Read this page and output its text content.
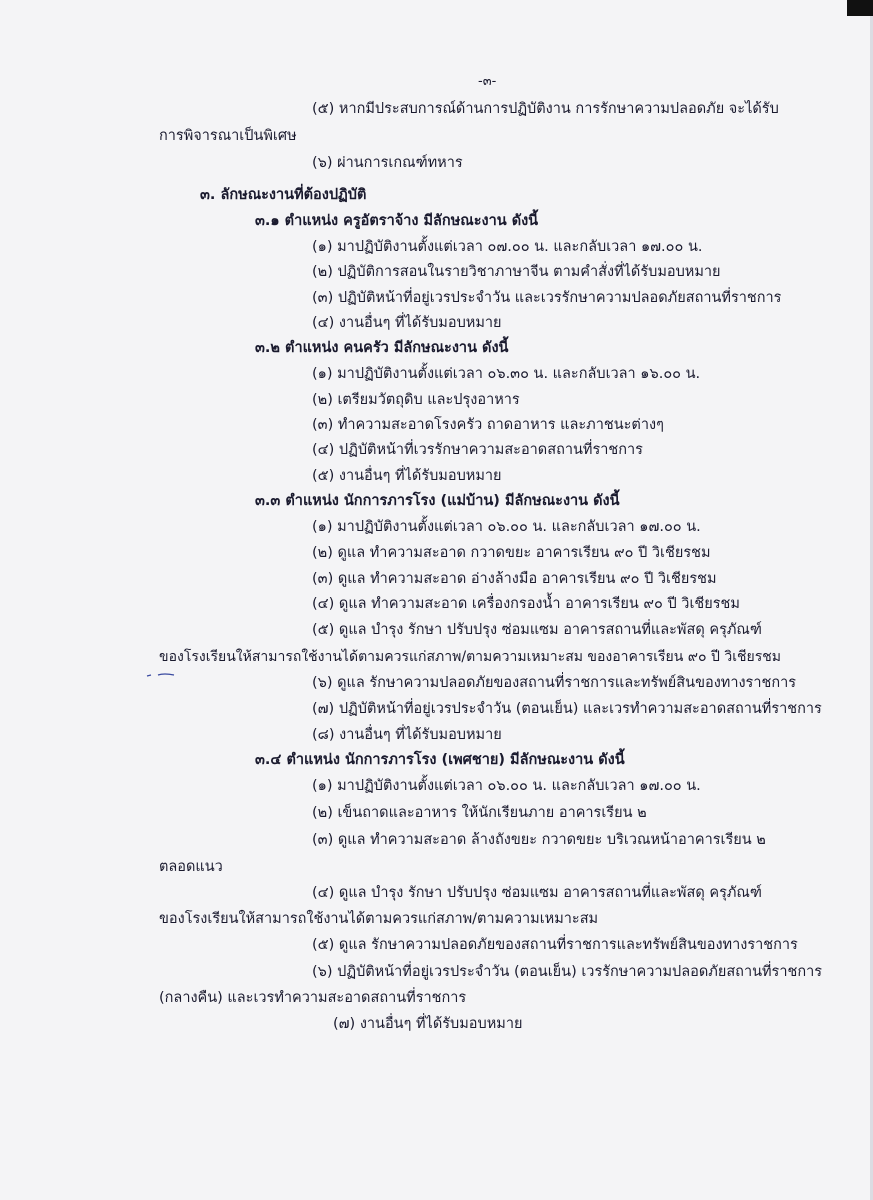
-๓-
(๕) หากมีประสบการณ์ด้านการปฏิบัติงาน การรักษาความปลอดภัย จะได้รับ
การพิจารณาเป็นพิเศษ
(๖) ผ่านการเกณฑ์ทหาร
๓. ลักษณะงานที่ต้องปฏิบัติ
๓.๑ ตำแหน่ง ครูอัตราจ้าง มีลักษณะงาน ดังนี้
(๑) มาปฏิบัติงานตั้งแต่เวลา ๐๗.๐๐ น. และกลับเวลา ๑๗.๐๐ น.
(๒) ปฏิบัติการสอนในรายวิชาภาษาจีน ตามคำสั่งที่ได้รับมอบหมาย
(๓) ปฏิบัติหน้าที่อยู่เวรประจำวัน และเวรรักษาความปลอดภัยสถานที่ราชการ
(๔) งานอื่นๆ ที่ได้รับมอบหมาย
๓.๒ ตำแหน่ง คนครัว มีลักษณะงาน ดังนี้
(๑) มาปฏิบัติงานตั้งแต่เวลา ๐๖.๓๐ น. และกลับเวลา ๑๖.๐๐ น.
(๒) เตรียมวัตถุดิบ และปรุงอาหาร
(๓) ทำความสะอาดโรงครัว ถาดอาหาร และภาชนะต่างๆ
(๔) ปฏิบัติหน้าที่เวรรักษาความสะอาดสถานที่ราชการ
(๕) งานอื่นๆ ที่ได้รับมอบหมาย
๓.๓ ตำแหน่ง นักการภารโรง (แม่บ้าน) มีลักษณะงาน ดังนี้
(๑) มาปฏิบัติงานตั้งแต่เวลา ๐๖.๐๐ น. และกลับเวลา ๑๗.๐๐ น.
(๒) ดูแล ทำความสะอาด กวาดขยะ อาคารเรียน ๙๐ ปี วิเชียรชม
(๓) ดูแล ทำความสะอาด อ่างล้างมือ อาคารเรียน ๙๐ ปี วิเชียรชม
(๔) ดูแล ทำความสะอาด เครื่องกรองน้ำ อาคารเรียน ๙๐ ปี วิเชียรชม
(๕) ดูแล บำรุง รักษา ปรับปรุง ซ่อมแซม อาคารสถานที่และพัสดุ ครุภัณฑ์
ของโรงเรียนให้สามารถใช้งานได้ตามควรแก่สภาพ/ตามความเหมาะสม ของอาคารเรียน ๙๐ ปี วิเชียรชม
(๖) ดูแล รักษาความปลอดภัยของสถานที่ราชการและทรัพย์สินของทางราชการ
(๗) ปฏิบัติหน้าที่อยู่เวรประจำวัน (ตอนเย็น) และเวรทำความสะอาดสถานที่ราชการ
(๘) งานอื่นๆ ที่ได้รับมอบหมาย
๓.๔ ตำแหน่ง นักการภารโรง (เพศชาย) มีลักษณะงาน ดังนี้
(๑) มาปฏิบัติงานตั้งแต่เวลา ๐๖.๐๐ น. และกลับเวลา ๑๗.๐๐ น.
(๒) เข็นถาดและอาหาร ให้นักเรียนภาย อาคารเรียน ๒
(๓) ดูแล ทำความสะอาด ล้างถังขยะ กวาดขยะ บริเวณหน้าอาคารเรียน ๒
ตลอดแนว
(๔) ดูแล บำรุง รักษา ปรับปรุง ซ่อมแซม อาคารสถานที่และพัสดุ ครุภัณฑ์
ของโรงเรียนให้สามารถใช้งานได้ตามควรแก่สภาพ/ตามความเหมาะสม
(๕) ดูแล รักษาความปลอดภัยของสถานที่ราชการและทรัพย์สินของทางราชการ
(๖) ปฏิบัติหน้าที่อยู่เวรประจำวัน (ตอนเย็น) เวรรักษาความปลอดภัยสถานที่ราชการ
(กลางคืน) และเวรทำความสะอาดสถานที่ราชการ
(๗) งานอื่นๆ ที่ได้รับมอบหมาย
